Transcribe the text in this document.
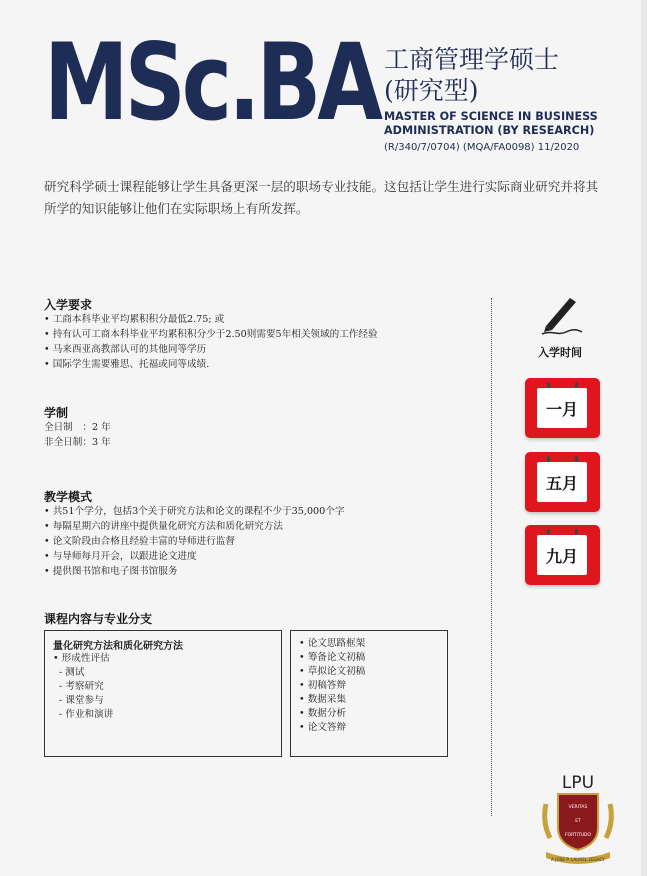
MSc.BA 工商管理学硕士
(研究型)
MASTER OF SCIENCE IN BUSINESS
ADMINISTRATION (BY RESEARCH)
(R/340/7/0704) (MQA/FA0098) 11/2020
研究科学硕士课程能够让学生具备更深一层的职场专业技能。这包括让学生进行实际商业研究并将其所学的知识能够让他们在实际职场上有所发挥。
入学要求
• 工商本科毕业平均累积积分最低2.75; 或
• 持有认可工商本科毕业平均累积积分少于2.50则需要5年相关领域的工作经验
• 马来西亚高教部认可的其他同等学历
• 国际学生需要雅思、托福或同等成绩.
学制
全日制　：2 年
非全日制：3 年
教学模式
• 共51个学分，包括3个关于研究方法和论文的课程不少于35,000个字
• 每隔星期六的讲座中提供量化研究方法和质化研究方法
• 论文阶段由合格且经验丰富的导师进行监督
• 与导师每月开会，以跟进论文进度
• 提供图书馆和电子图书馆服务
课程内容与专业分支
量化研究方法和质化研究方法
• 形成性评估
- 测试
- 考察研究
- 课堂参与
- 作业和演讲
• 论文思路框架
• 筹备论文初稿
• 草拟论文初稿
• 初稿答辩
• 数据采集
• 数据分析
• 论文答辩
入学时间
一月
五月
九月
LPU
VERITAS
ET
FORTITUDO
A JOSE P. LAUREL LEGACY
